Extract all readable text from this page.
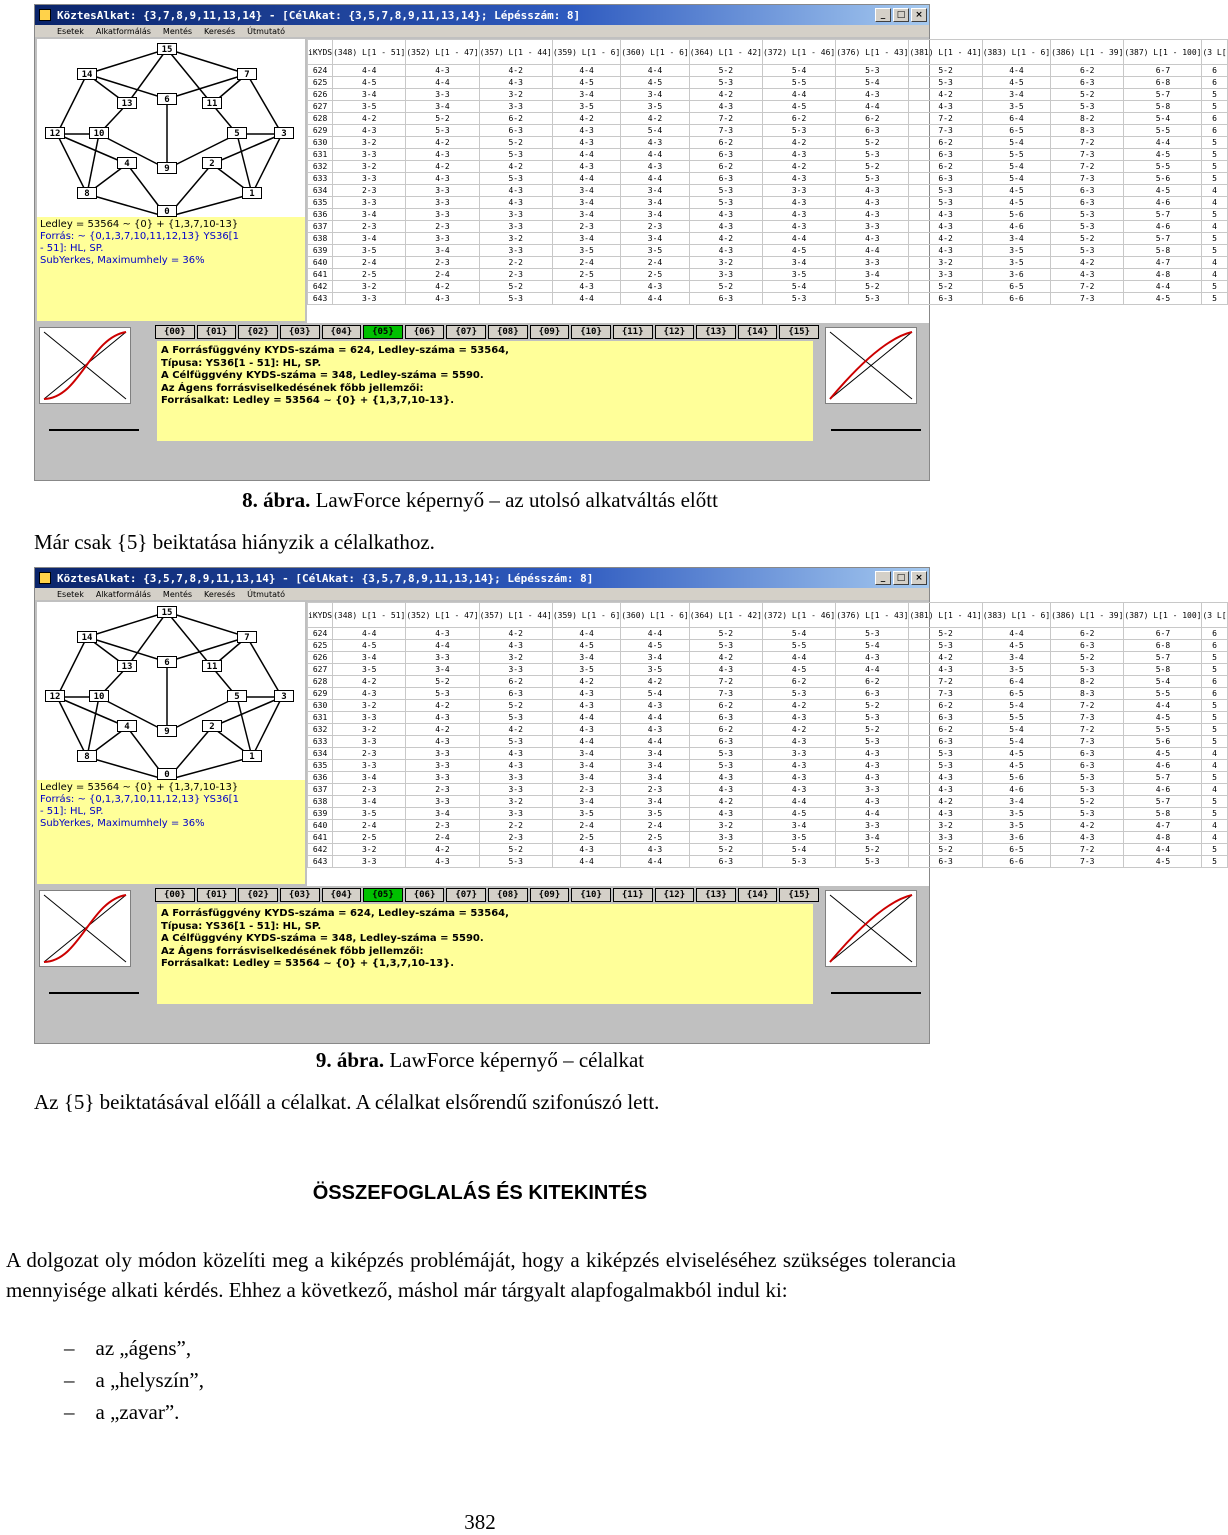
KöztesAlkat: {3,7,8,9,11,13,14} - [CélAkat: {3,5,7,8,9,11,13,14}; Lépésszám: 8]	_	□	×
Esetek Alkatformálás Mentés Keresés Útmutató
15
14	7
13	6	11
12	10	5	3
4	9	2
8	1
0
Ledley = 53564 ~ {0} + {1,3,7,10-13}
Forrás: ~ {0,1,3,7,10,11,12,13} YS36[1
- 51]: HL, SP.
SubYerkes, Maximumhely = 36%
iKYDS	(348) L[1 - 51]	(352) L[1 - 47]	(357) L[1 - 44]	(359) L[1 - 6]	(360) L[1 - 6]	(364) L[1 - 42]	(372) L[1 - 46]	(376) L[1 - 43]	(381) L[1 - 41]	(383) L[1 - 6]	(386) L[1 - 39]	(387) L[1 - 100]	(3 L[
624	4-4	4-3	4-2	4-4	4-4	5-2	5-4	5-3	5-2	4-4	6-2	6-7	6
625	4-5	4-4	4-3	4-5	4-5	5-3	5-5	5-4	5-3	4-5	6-3	6-8	6
626	3-4	3-3	3-2	3-4	3-4	4-2	4-4	4-3	4-2	3-4	5-2	5-7	5
627	3-5	3-4	3-3	3-5	3-5	4-3	4-5	4-4	4-3	3-5	5-3	5-8	5
628	4-2	5-2	6-2	4-2	4-2	7-2	6-2	6-2	7-2	6-4	8-2	5-4	6
629	4-3	5-3	6-3	4-3	5-4	7-3	5-3	6-3	7-3	6-5	8-3	5-5	6
630	3-2	4-2	5-2	4-3	4-3	6-2	4-2	5-2	6-2	5-4	7-2	4-4	5
631	3-3	4-3	5-3	4-4	4-4	6-3	4-3	5-3	6-3	5-5	7-3	4-5	5
632	3-2	4-2	4-2	4-3	4-3	6-2	4-2	5-2	6-2	5-4	7-2	5-5	5
633	3-3	4-3	5-3	4-4	4-4	6-3	4-3	5-3	6-3	5-4	7-3	5-6	5
634	2-3	3-3	4-3	3-4	3-4	5-3	3-3	4-3	5-3	4-5	6-3	4-5	4
635	3-3	3-3	4-3	3-4	3-4	5-3	4-3	4-3	5-3	4-5	6-3	4-6	4
636	3-4	3-3	3-3	3-4	3-4	4-3	4-3	4-3	4-3	5-6	5-3	5-7	5
637	2-3	2-3	3-3	2-3	2-3	4-3	4-3	3-3	4-3	4-6	5-3	4-6	4
638	3-4	3-3	3-2	3-4	3-4	4-2	4-4	4-3	4-2	3-4	5-2	5-7	5
639	3-5	3-4	3-3	3-5	3-5	4-3	4-5	4-4	4-3	3-5	5-3	5-8	5
640	2-4	2-3	2-2	2-4	2-4	3-2	3-4	3-3	3-2	3-5	4-2	4-7	4
641	2-5	2-4	2-3	2-5	2-5	3-3	3-5	3-4	3-3	3-6	4-3	4-8	4
642	3-2	4-2	5-2	4-3	4-3	5-2	5-4	5-2	5-2	6-5	7-2	4-4	5
643	3-3	4-3	5-3	4-4	4-4	6-3	5-3	5-3	6-3	6-6	7-3	4-5	5
{00}	{01}	{02}	{03}	{04}	{05}	{06}	{07}	{08}	{09}	{10}	{11}	{12}	{13}	{14}	{15}
A Forrásfüggvény KYDS-száma = 624, Ledley-száma = 53564,
Típusa: YS36[1 - 51]: HL, SP.
A Célfüggvény KYDS-száma = 348, Ledley-száma = 5590.
Az Ágens forrásviselkedésének főbb jellemzői:
Forrásalkat: Ledley = 53564 ~ {0} + {1,3,7,10-13}.
8. ábra. LawForce képernyő – az utolsó alkatváltás előtt
Már csak {5} beiktatása hiányzik a célalkathoz.
KöztesAlkat: {3,5,7,8,9,11,13,14} - [CélAkat: {3,5,7,8,9,11,13,14}; Lépésszám: 8]	_	□	×
Esetek Alkatformálás Mentés Keresés Útmutató
15
14	7
13	6	11
12	10	5	3
4	9	2
8	1
0
Ledley = 53564 ~ {0} + {1,3,7,10-13}
Forrás: ~ {0,1,3,7,10,11,12,13} YS36[1
- 51]: HL, SP.
SubYerkes, Maximumhely = 36%
iKYDS	(348) L[1 - 51]	(352) L[1 - 47]	(357) L[1 - 44]	(359) L[1 - 6]	(360) L[1 - 6]	(364) L[1 - 42]	(372) L[1 - 46]	(376) L[1 - 43]	(381) L[1 - 41]	(383) L[1 - 6]	(386) L[1 - 39]	(387) L[1 - 100]	(3 L[
624	4-4	4-3	4-2	4-4	4-4	5-2	5-4	5-3	5-2	4-4	6-2	6-7	6
625	4-5	4-4	4-3	4-5	4-5	5-3	5-5	5-4	5-3	4-5	6-3	6-8	6
626	3-4	3-3	3-2	3-4	3-4	4-2	4-4	4-3	4-2	3-4	5-2	5-7	5
627	3-5	3-4	3-3	3-5	3-5	4-3	4-5	4-4	4-3	3-5	5-3	5-8	5
628	4-2	5-2	6-2	4-2	4-2	7-2	6-2	6-2	7-2	6-4	8-2	5-4	6
629	4-3	5-3	6-3	4-3	5-4	7-3	5-3	6-3	7-3	6-5	8-3	5-5	6
630	3-2	4-2	5-2	4-3	4-3	6-2	4-2	5-2	6-2	5-4	7-2	4-4	5
631	3-3	4-3	5-3	4-4	4-4	6-3	4-3	5-3	6-3	5-5	7-3	4-5	5
632	3-2	4-2	4-2	4-3	4-3	6-2	4-2	5-2	6-2	5-4	7-2	5-5	5
633	3-3	4-3	5-3	4-4	4-4	6-3	4-3	5-3	6-3	5-4	7-3	5-6	5
634	2-3	3-3	4-3	3-4	3-4	5-3	3-3	4-3	5-3	4-5	6-3	4-5	4
635	3-3	3-3	4-3	3-4	3-4	5-3	4-3	4-3	5-3	4-5	6-3	4-6	4
636	3-4	3-3	3-3	3-4	3-4	4-3	4-3	4-3	4-3	5-6	5-3	5-7	5
637	2-3	2-3	3-3	2-3	2-3	4-3	4-3	3-3	4-3	4-6	5-3	4-6	4
638	3-4	3-3	3-2	3-4	3-4	4-2	4-4	4-3	4-2	3-4	5-2	5-7	5
639	3-5	3-4	3-3	3-5	3-5	4-3	4-5	4-4	4-3	3-5	5-3	5-8	5
640	2-4	2-3	2-2	2-4	2-4	3-2	3-4	3-3	3-2	3-5	4-2	4-7	4
641	2-5	2-4	2-3	2-5	2-5	3-3	3-5	3-4	3-3	3-6	4-3	4-8	4
642	3-2	4-2	5-2	4-3	4-3	5-2	5-4	5-2	5-2	6-5	7-2	4-4	5
643	3-3	4-3	5-3	4-4	4-4	6-3	5-3	5-3	6-3	6-6	7-3	4-5	5
{00}	{01}	{02}	{03}	{04}	{05}	{06}	{07}	{08}	{09}	{10}	{11}	{12}	{13}	{14}	{15}
A Forrásfüggvény KYDS-száma = 624, Ledley-száma = 53564,
Típusa: YS36[1 - 51]: HL, SP.
A Célfüggvény KYDS-száma = 348, Ledley-száma = 5590.
Az Ágens forrásviselkedésének főbb jellemzői:
Forrásalkat: Ledley = 53564 ~ {0} + {1,3,7,10-13}.
9. ábra. LawForce képernyő – célalkat
Az {5} beiktatásával előáll a célalkat. A célalkat elsőrendű szifonúszó lett.
ÖSSZEFOGLALÁS ÉS KITEKINTÉS
A dolgozat oly módon közelíti meg a kiképzés problémáját, hogy a kiképzés elviseléséhez szükséges tolerancia mennyisége alkati kérdés. Ehhez a következő, máshol már tárgyalt alapfogalmakból indul ki:
–    az „ágens”,
–    a „helyszín”,
–    a „zavar”.
382
